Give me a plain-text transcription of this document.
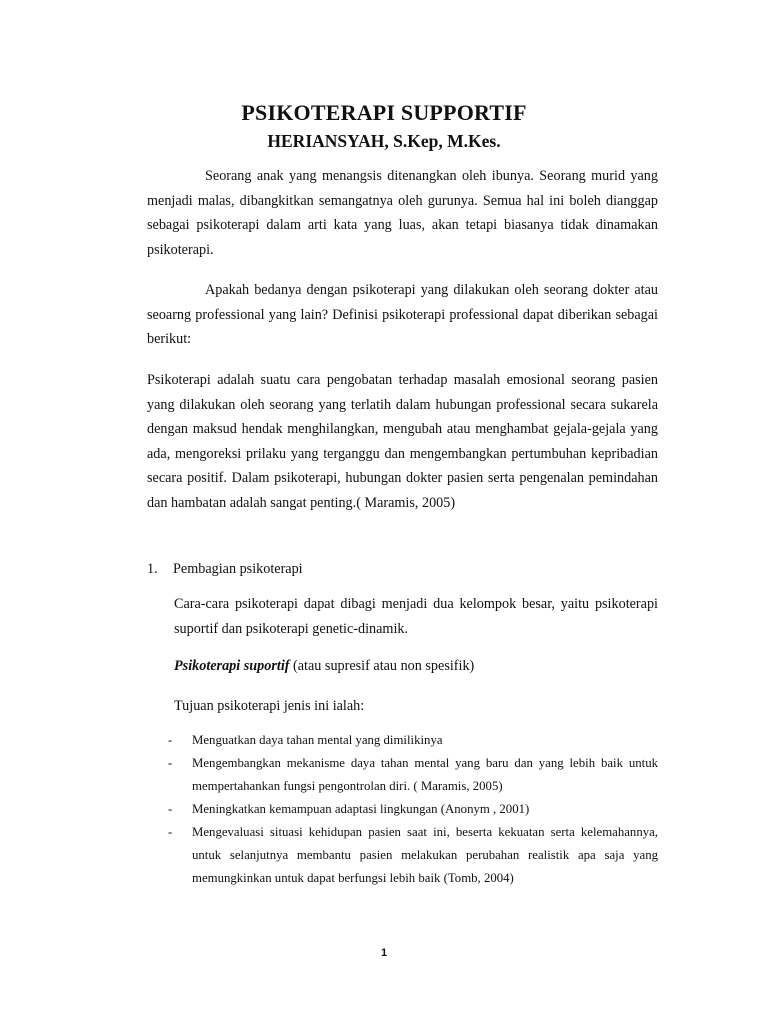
PSIKOTERAPI SUPPORTIF
HERIANSYAH, S.Kep, M.Kes.

Seorang anak yang menangsis ditenangkan oleh ibunya. Seorang murid yang menjadi malas, dibangkitkan semangatnya oleh gurunya. Semua hal ini boleh dianggap sebagai psikoterapi dalam arti kata yang luas, akan tetapi biasanya tidak dinamakan psikoterapi.

Apakah bedanya dengan psikoterapi yang dilakukan oleh seorang dokter atau seoarng professional yang lain? Definisi psikoterapi professional dapat diberikan sebagai berikut:

Psikoterapi adalah suatu cara pengobatan terhadap masalah emosional seorang pasien yang dilakukan oleh seorang yang terlatih dalam hubungan professional secara sukarela dengan maksud hendak menghilangkan, mengubah atau menghambat gejala-gejala yang ada, mengoreksi prilaku yang terganggu dan mengembangkan pertumbuhan kepribadian secara positif. Dalam psikoterapi, hubungan dokter pasien serta pengenalan pemindahan dan hambatan adalah sangat penting.( Maramis, 2005)

1. Pembagian psikoterapi

Cara-cara psikoterapi dapat dibagi menjadi dua kelompok besar, yaitu psikoterapi suportif dan psikoterapi genetic-dinamik.

Psikoterapi suportif (atau supresif atau non spesifik)

Tujuan psikoterapi jenis ini ialah:

- Menguatkan daya tahan mental yang dimilikinya
- Mengembangkan mekanisme daya tahan mental yang baru dan yang lebih baik untuk mempertahankan fungsi pengontrolan diri. ( Maramis, 2005)
- Meningkatkan kemampuan adaptasi lingkungan (Anonym , 2001)
- Mengevaluasi situasi kehidupan pasien saat ini, beserta kekuatan serta kelemahannya, untuk selanjutnya membantu pasien melakukan perubahan realistik apa saja yang memungkinkan untuk dapat berfungsi lebih baik (Tomb, 2004)
1
